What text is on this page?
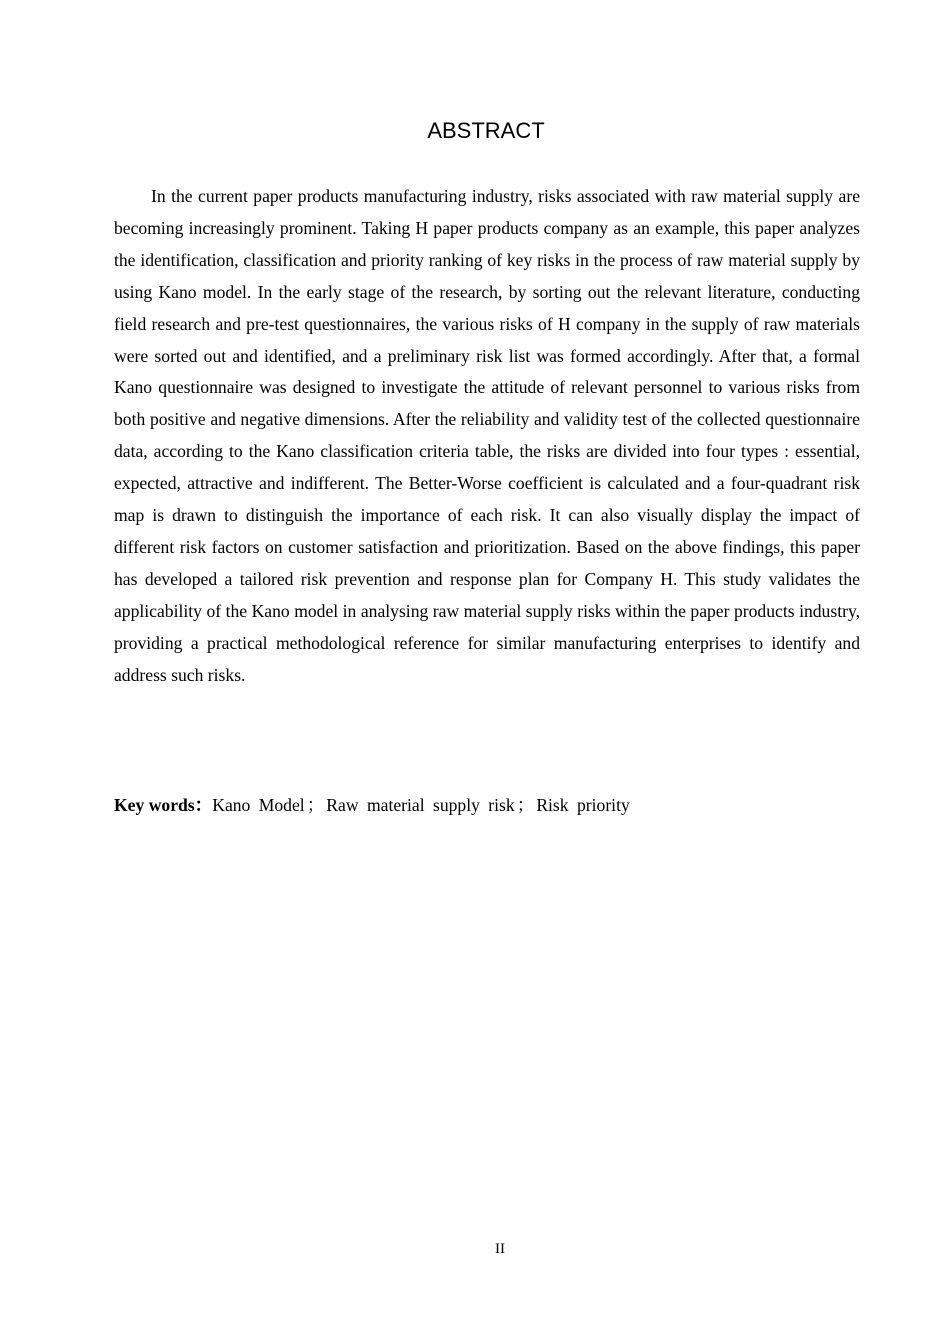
ABSTRACT

In the current paper products manufacturing industry, risks associated with raw material supply are becoming increasingly prominent. Taking H paper products company as an example, this paper analyzes the identification, classification and priority ranking of key risks in the process of raw material supply by using Kano model. In the early stage of the research, by sorting out the relevant literature, conducting field research and pre-test questionnaires, the various risks of H company in the supply of raw materials were sorted out and identified, and a preliminary risk list was formed accordingly. After that, a formal Kano questionnaire was designed to investigate the attitude of relevant personnel to various risks from both positive and negative dimensions. After the reliability and validity test of the collected questionnaire data, according to the Kano classification criteria table, the risks are divided into four types : essential, expected, attractive and indifferent. The Better-Worse coefficient is calculated and a four-quadrant risk map is drawn to distinguish the importance of each risk. It can also visually display the impact of different risk factors on customer satisfaction and prioritization. Based on the above findings, this paper has developed a tailored risk prevention and response plan for Company H. This study validates the applicability of the Kano model in analysing raw material supply risks within the paper products industry, providing a practical methodological reference for similar manufacturing enterprises to identify and address such risks.

Key words：Kano Model ； Raw material supply risk ； Risk priority

II
